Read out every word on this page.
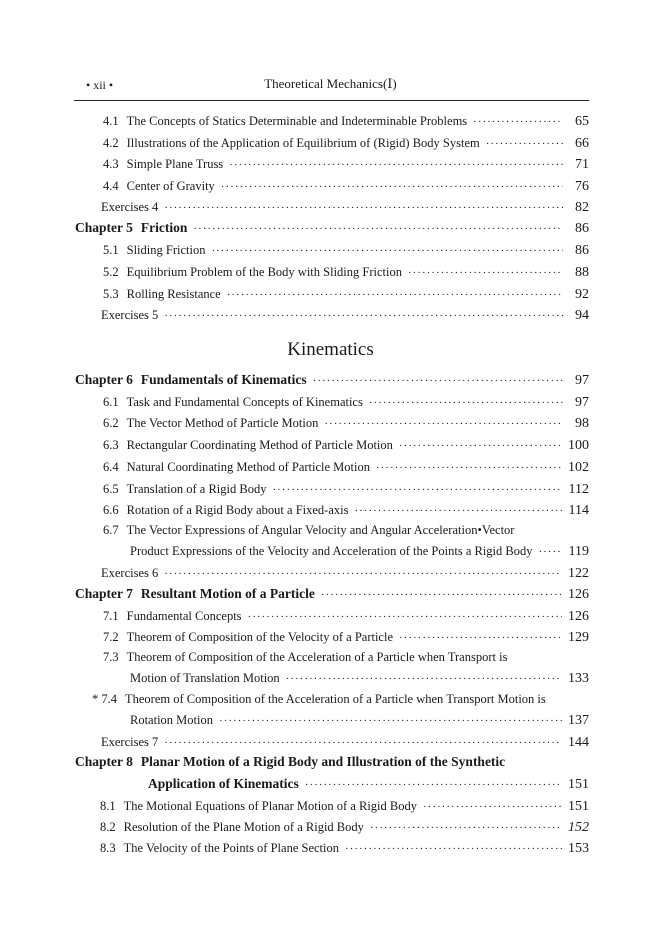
• xii •	Theoretical Mechanics(Ⅰ)
4.1 The Concepts of Statics Determinable and Indeterminable Problems ·····	65
4.2 Illustrations of the Application of Equilibrium of (Rigid) Body System ·····	66
4.3 Simple Plane Truss ·····	71
4.4 Center of Gravity ·····	76
Exercises 4 ·····	82
Chapter 5 Friction ·····	86
5.1 Sliding Friction ·····	86
5.2 Equilibrium Problem of the Body with Sliding Friction ·····	88
5.3 Rolling Resistance ·····	92
Exercises 5 ·····	94
Kinematics
Chapter 6 Fundamentals of Kinematics ·····	97
6.1 Task and Fundamental Concepts of Kinematics ·····	97
6.2 The Vector Method of Particle Motion ·····	98
6.3 Rectangular Coordinating Method of Particle Motion ·····	100
6.4 Natural Coordinating Method of Particle Motion ·····	102
6.5 Translation of a Rigid Body ·····	112
6.6 Rotation of a Rigid Body about a Fixed-axis ·····	114
6.7 The Vector Expressions of Angular Velocity and Angular Acceleration•Vector
Product Expressions of the Velocity and Acceleration of the Points a Rigid Body ·····	119
Exercises 6 ·····	122
Chapter 7 Resultant Motion of a Particle ·····	126
7.1 Fundamental Concepts ·····	126
7.2 Theorem of Composition of the Velocity of a Particle ·····	129
7.3 Theorem of Composition of the Acceleration of a Particle when Transport is
Motion of Translation Motion ·····	133
* 7.4 Theorem of Composition of the Acceleration of a Particle when Transport Motion is
Rotation Motion ·····	137
Exercises 7 ·····	144
Chapter 8 Planar Motion of a Rigid Body and Illustration of the Synthetic
Application of Kinematics ·····	151
8.1 The Motional Equations of Planar Motion of a Rigid Body ·····	151
8.2 Resolution of the Plane Motion of a Rigid Body ·····	152
8.3 The Velocity of the Points of Plane Section ·····	153
